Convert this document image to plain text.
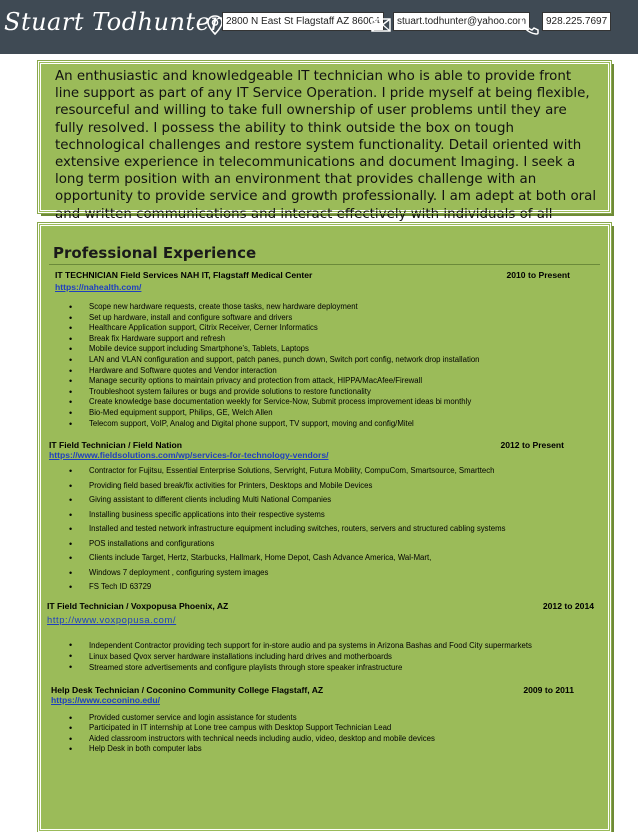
Stuart Todhunter 2800 N East St Flagstaff AZ 86004	stuart.todhunter@yahoo.com	928.225.7697

An enthusiastic and knowledgeable IT technician who is able to provide front line support as part of any IT Service Operation. I pride myself at being flexible, resourceful and willing to take full ownership of user problems until they are fully resolved. I possess the ability to think outside the box on tough technological challenges and restore system functionality. Detail oriented with extensive experience in telecommunications and document Imaging. I seek a long term position with an environment that provides challenge with an opportunity to provide service and growth professionally. I am adept at both oral and written communications and interact effectively with individuals of all

Professional Experience
IT TECHNICIAN Field Services NAH IT, Flagstaff Medical Center	2010 to Present
https://nahealth.com/
• Scope new hardware requests, create those tasks, new hardware deployment
• Set up hardware, install and configure software and drivers
• Healthcare Application support, Citrix Receiver, Cerner Informatics
• Break fix Hardware support and refresh
• Mobile device support including Smartphone’s, Tablets, Laptops
• LAN and VLAN configuration and support, patch panes, punch down, Switch port config, network drop installation
• Hardware and Software quotes and Vendor interaction
• Manage security options to maintain privacy and protection from attack, HIPPA/MacAfee/Firewall
• Troubleshoot system failures or bugs and provide solutions to restore functionality
• Create knowledge base documentation weekly for Service-Now, Submit process improvement ideas bi monthly
• Bio-Med equipment support, Philips, GE, Welch Allen
• Telecom support, VoIP, Analog and Digital phone support, TV support, moving and config/Mitel
IT Field Technician / Field Nation	2012 to Present
https://www.fieldsolutions.com/wp/services-for-technology-vendors/
• Contractor for Fujitsu, Essential Enterprise Solutions, Servright, Futura Mobility, CompuCom, Smartsource, Smarttech
• Providing field based break/fix activities for Printers, Desktops and Mobile Devices
• Giving assistant to different clients including Multi National Companies
• Installing business specific applications into their respective systems
• Installed and tested network infrastructure equipment including switches, routers, servers and structured cabling systems
• POS installations and configurations
• Clients include Target, Hertz, Starbucks, Hallmark, Home Depot, Cash Advance America, Wal-Mart,
• Windows 7 deployment , configuring system images
• FS Tech ID 63729
IT Field Technician / Voxpopusa Phoenix, AZ	2012 to 2014
http://www.voxpopusa.com/
• Independent Contractor providing tech support for in-store audio and pa systems in Arizona Bashas and Food City supermarkets
• Linux based Qvox server hardware installations including hard drives and motherboards
• Streamed store advertisements and configure playlists through store speaker infrastructure
Help Desk Technician / Coconino Community College Flagstaff, AZ	2009 to 2011
https://www.coconino.edu/
• Provided customer service and login assistance for students
• Participated in IT internship at Lone tree campus with Desktop Support Technician Lead
• Aided classroom instructors with technical needs including audio, video, desktop and mobile devices
• Help Desk in both computer labs
